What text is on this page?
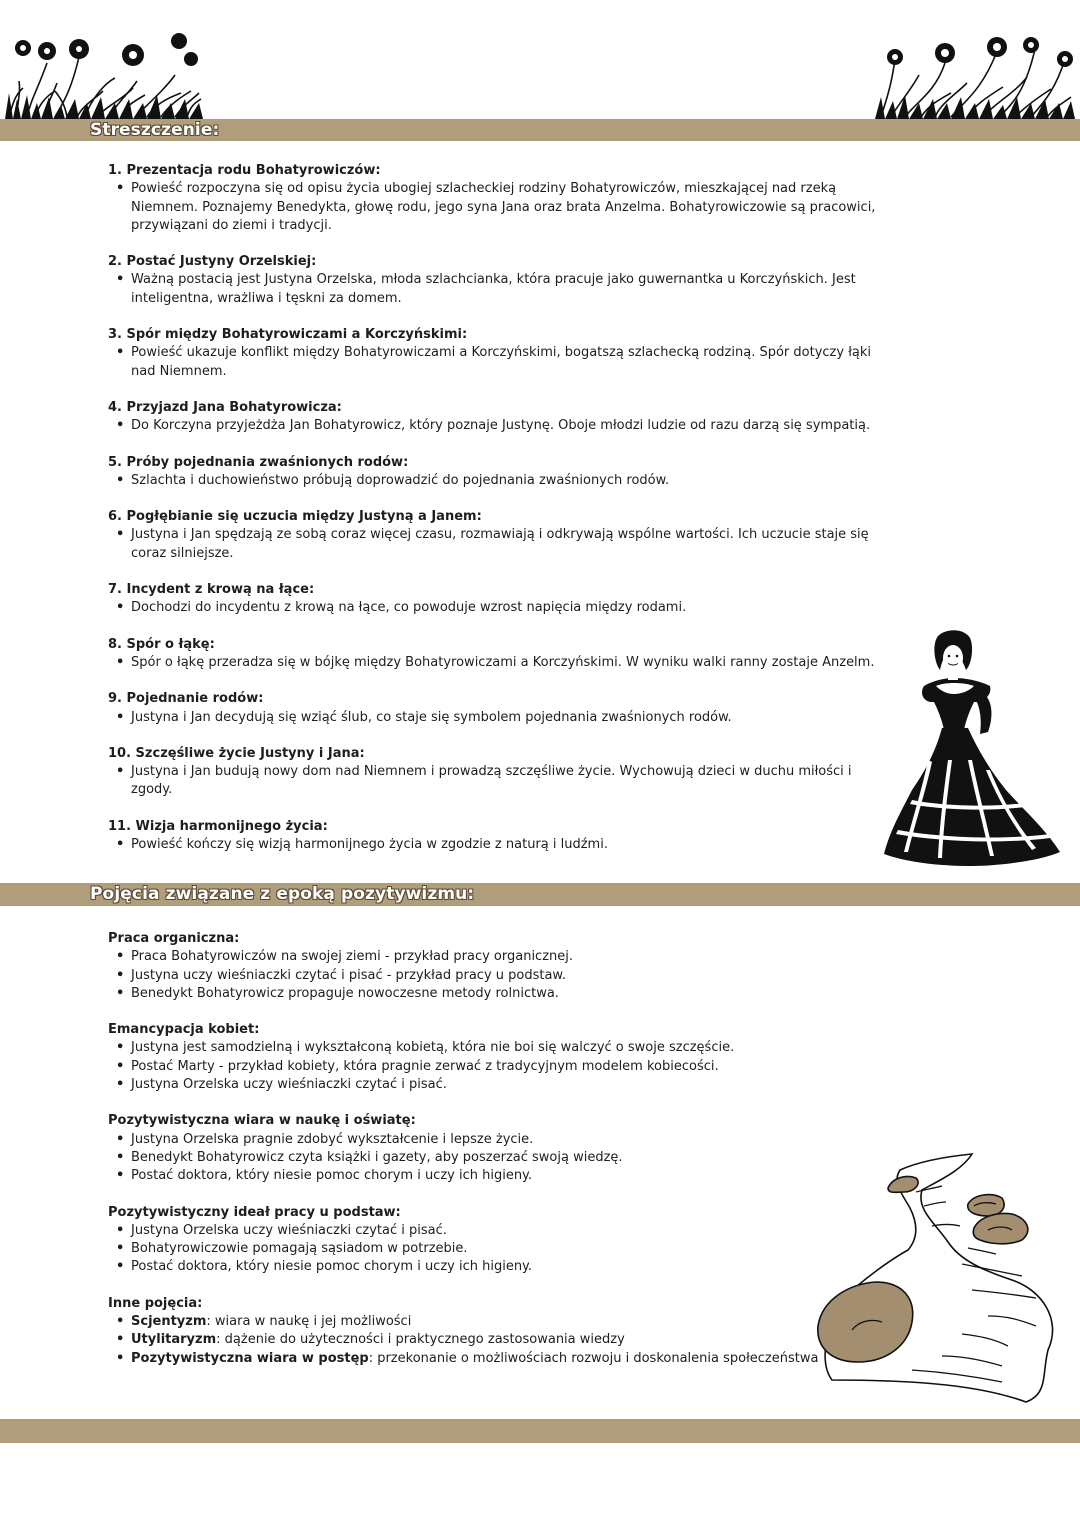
Streszczenie:

1. Prezentacja rodu Bohatyrowiczów:

• Powieść rozpoczyna się od opisu życia ubogiej szlacheckiej rodziny Bohatyrowiczów, mieszkającej nad rzeką Niemnem. Poznajemy Benedykta, głowę rodu, jego syna Jana oraz brata Anzelma. Bohatyrowiczowie są pracowici, przywiązani do ziemi i tradycji.

2. Postać Justyny Orzelskiej:

• Ważną postacią jest Justyna Orzelska, młoda szlachcianka, która pracuje jako guwernantka u Korczyńskich. Jest inteligentna, wrażliwa i tęskni za domem.

3. Spór między Bohatyrowiczami a Korczyńskimi:

• Powieść ukazuje konflikt między Bohatyrowiczami a Korczyńskimi, bogatszą szlachecką rodziną. Spór dotyczy łąki nad Niemnem.

4. Przyjazd Jana Bohatyrowicza:

• Do Korczyna przyjeżdża Jan Bohatyrowicz, który poznaje Justynę. Oboje młodzi ludzie od razu darzą się sympatią.

5. Próby pojednania zwaśnionych rodów:

• Szlachta i duchowieństwo próbują doprowadzić do pojednania zwaśnionych rodów.

6. Pogłębianie się uczucia między Justyną a Janem:

• Justyna i Jan spędzają ze sobą coraz więcej czasu, rozmawiają i odkrywają wspólne wartości. Ich uczucie staje się coraz silniejsze.

7. Incydent z krową na łące:

• Dochodzi do incydentu z krową na łące, co powoduje wzrost napięcia między rodami.

8. Spór o łąkę:

• Spór o łąkę przeradza się w bójkę między Bohatyrowiczami a Korczyńskimi. W wyniku walki ranny zostaje Anzelm.

9. Pojednanie rodów:

• Justyna i Jan decydują się wziąć ślub, co staje się symbolem pojednania zwaśnionych rodów.

10. Szczęśliwe życie Justyny i Jana:

• Justyna i Jan budują nowy dom nad Niemnem i prowadzą szczęśliwe życie. Wychowują dzieci w duchu miłości i zgody.

11. Wizja harmonijnego życia:

• Powieść kończy się wizją harmonijnego życia w zgodzie z naturą i ludźmi.
Pojęcia związane z epoką pozytywizmu:

Praca organiczna:

• Praca Bohatyrowiczów na swojej ziemi - przykład pracy organicznej.
• Justyna uczy wieśniaczki czytać i pisać - przykład pracy u podstaw.
• Benedykt Bohatyrowicz propaguje nowoczesne metody rolnictwa.

Emancypacja kobiet:

• Justyna jest samodzielną i wykształconą kobietą, która nie boi się walczyć o swoje szczęście.
• Postać Marty - przykład kobiety, która pragnie zerwać z tradycyjnym modelem kobiecości.
• Justyna Orzelska uczy wieśniaczki czytać i pisać.

Pozytywistyczna wiara w naukę i oświatę:

• Justyna Orzelska pragnie zdobyć wykształcenie i lepsze życie.
• Benedykt Bohatyrowicz czyta książki i gazety, aby poszerzać swoją wiedzę.
• Postać doktora, który niesie pomoc chorym i uczy ich higieny.

Pozytywistyczny ideał pracy u podstaw:

• Justyna Orzelska uczy wieśniaczki czytać i pisać.
• Bohatyrowiczowie pomagają sąsiadom w potrzebie.
• Postać doktora, który niesie pomoc chorym i uczy ich higieny.

Inne pojęcia:

• Scjentyzm: wiara w naukę i jej możliwości
• Utylitaryzm: dążenie do użyteczności i praktycznego zastosowania wiedzy
• Pozytywistyczna wiara w postęp: przekonanie o możliwościach rozwoju i doskonalenia społeczeństwa
